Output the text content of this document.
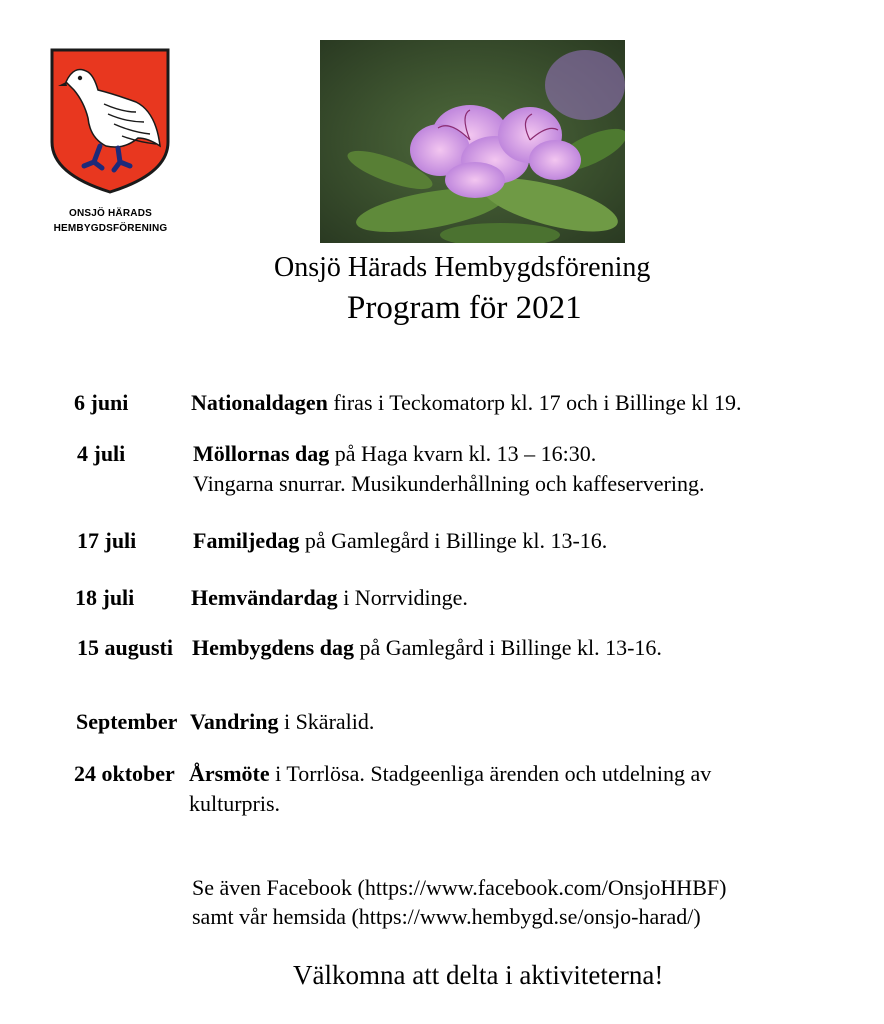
ONSJÖ HÄRADS
HEMBYGDSFÖRENING
Onsjö Härads Hembygdsförening
Program för 2021
6 juni	Nationaldagen firas i Teckomatorp kl. 17 och i Billinge kl 19.
4 juli	Möllornas dag på Haga kvarn kl. 13 – 16:30.
Vingarna snurrar. Musikunderhållning och kaffeservering.
17 juli	Familjedag på Gamlegård i Billinge kl. 13-16.
18 juli	Hemvändardag i Norrvidinge.
15 augusti Hembygdens dag på Gamlegård i Billinge kl. 13-16.
September Vandring i Skäralid.
24 oktober Årsmöte i Torrlösa. Stadgeenliga ärenden och utdelning av
kulturpris.
Se även Facebook (https://www.facebook.com/OnsjoHHBF)
samt vår hemsida (https://www.hembygd.se/onsjo-harad/)
Välkomna att delta i aktiviteterna!
